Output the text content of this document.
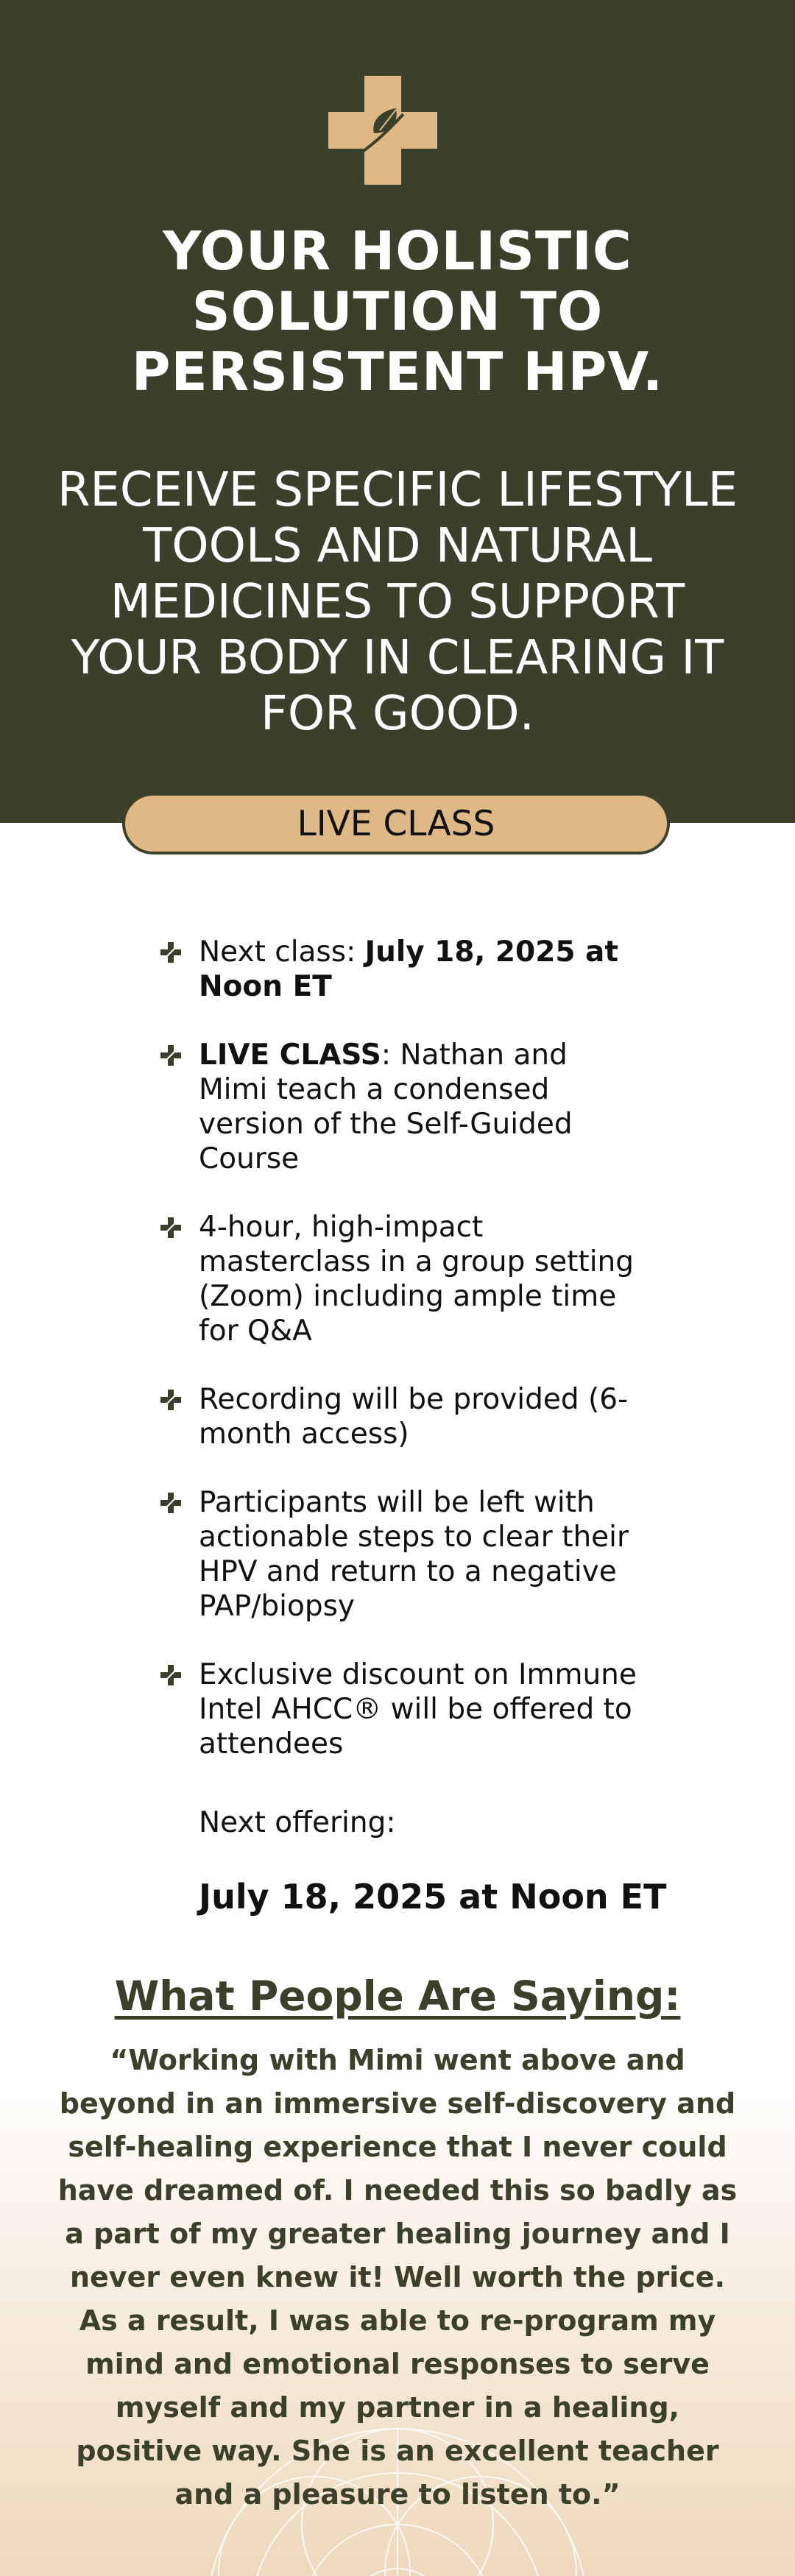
YOUR HOLISTIC SOLUTION TO PERSISTENT HPV.
RECEIVE SPECIFIC LIFESTYLE TOOLS AND NATURAL MEDICINES TO SUPPORT YOUR BODY IN CLEARING IT FOR GOOD.
LIVE CLASS
Next class: July 18, 2025 at Noon ET
LIVE CLASS: Nathan and Mimi teach a condensed version of the Self-Guided Course
4-hour, high-impact masterclass in a group setting (Zoom) including ample time for Q&A
Recording will be provided (6-month access)
Participants will be left with actionable steps to clear their HPV and return to a negative PAP/biopsy
Exclusive discount on Immune Intel AHCC® will be offered to attendees
Next offering:
July 18, 2025 at Noon ET
What People Are Saying:
“Working with Mimi went above and beyond in an immersive self-discovery and self-healing experience that I never could have dreamed of. I needed this so badly as a part of my greater healing journey and I never even knew it! Well worth the price. As a result, I was able to re-program my mind and emotional responses to serve myself and my partner in a healing, positive way. She is an excellent teacher and a pleasure to listen to.”
